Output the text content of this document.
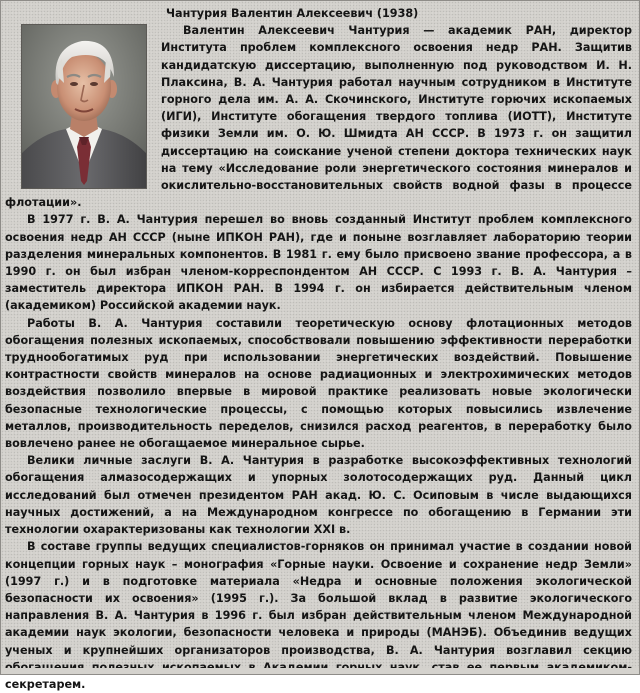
Чантурия Валентин Алексеевич (1938)

Валентин Алексеевич Чантурия — академик РАН, директор Института проблем комплексного освоения недр РАН. Защитив кандидатскую диссертацию, выполненную под руководством И. Н. Плаксина, В. А. Чантурия работал научным сотрудником в Институте горного дела им. А. А. Скочинского, Институте горючих ископаемых (ИГИ), Институте обогащения твердого топлива (ИОТТ), Институте физики Земли им. О. Ю. Шмидта АН СССР. В 1973 г. он защитил диссертацию на соискание ученой степени доктора технических наук на тему «Исследование роли энергетического состояния минералов и окислительно-восстановительных свойств водной фазы в процессе флотации».

В 1977 г. В. А. Чантурия перешел во вновь созданный Институт проблем комплексного освоения недр АН СССР (ныне ИПКОН РАН), где и поныне возглавляет лабораторию теории разделения минеральных компонентов. В 1981 г. ему было присвоено звание профессора, а в 1990 г. он был избран членом-корреспондентом АН СССР. С 1993 г. В. А. Чантурия – заместитель директора ИПКОН РАН. В 1994 г. он избирается действительным членом (академиком) Российской академии наук.

Работы В. А. Чантурия составили теоретическую основу флотационных методов обогащения полезных ископаемых, способствовали повышению эффективности переработки труднообогатимых руд при использовании энергетических воздействий. Повышение контрастности свойств минералов на основе радиационных и электрохимических методов воздействия позволило впервые в мировой практике реализовать новые экологически безопасные технологические процессы, с помощью которых повысились извлечение металлов, производительность переделов, снизился расход реагентов, в переработку было вовлечено ранее не обогащаемое минеральное сырье.

Велики личные заслуги В. А. Чантурия в разработке высокоэффективных технологий обогащения алмазосодержащих и упорных золотосодержащих руд. Данный цикл исследований был отмечен президентом РАН акад. Ю. С. Осиповым в числе выдающихся научных достижений, а на Международном конгрессе по обогащению в Германии эти технологии охарактеризованы как технологии XXI в.

В составе группы ведущих специалистов-горняков он принимал участие в создании новой концепции горных наук – монография «Горные науки. Освоение и сохранение недр Земли» (1997 г.) и в подготовке материала «Недра и основные положения экологической безопасности их освоения» (1995 г.). За большой вклад в развитие экологического направления В. А. Чантурия в 1996 г. был избран действительным членом Международной академии наук экологии, безопасности человека и природы (МАНЭБ). Объединив ведущих ученых и крупнейших организаторов производства, В. А. Чантурия возглавил секцию секретарем.
